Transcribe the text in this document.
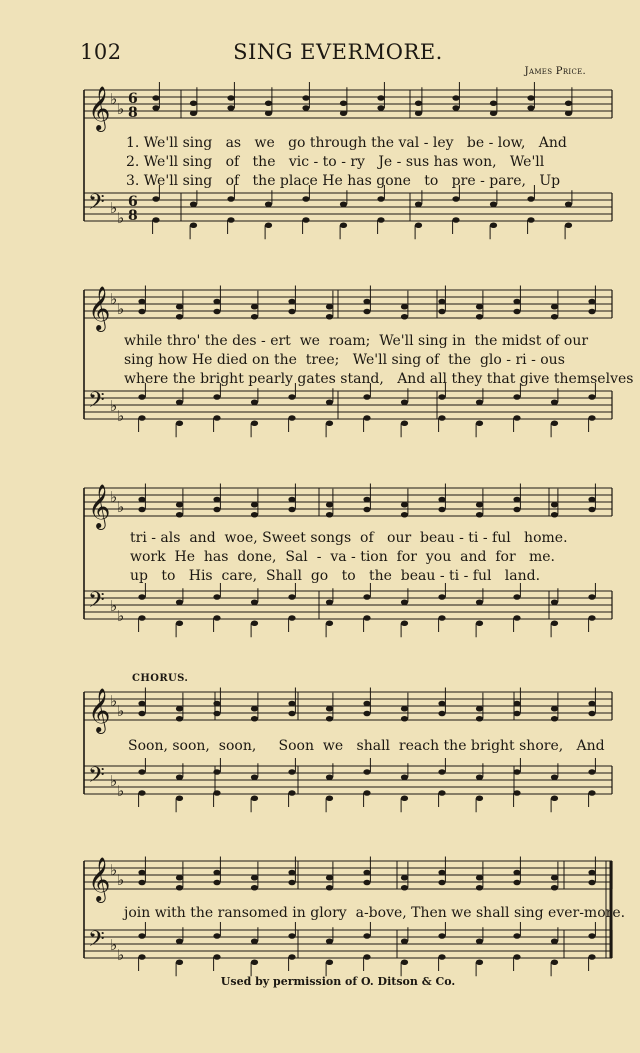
𝄞 ♭
♭
6
8
𝄢 ♭
♭
6
8
𝄞 ♭
♭
𝄢 ♭
♭
𝄞 ♭
♭
𝄢 ♭
♭
𝄞 ♭
♭
𝄢 ♭
♭
𝄞 ♭
♭
𝄢 ♭
♭
102	SING EVERMORE.
James Price.
1. We'll sing   as   we   go through the val - ley   be - low,   And
2. We'll sing   of   the   vic - to - ry   Je - sus has won,   We'll
3. We'll sing   of   the place He has gone   to   pre - pare,   Up
while thro' the des - ert  we  roam;  We'll sing in  the midst of our
sing how He died on the  tree;   We'll sing of  the  glo - ri - ous
where the bright pearly gates stand,   And all they that give themselves
tri - als  and  woe, Sweet songs  of   our  beau - ti - ful   home.
work  He  has  done,  Sal  -  va - tion  for  you  and  for   me.
up   to   His  care,  Shall  go   to   the  beau - ti - ful   land.
CHORUS.
Soon, soon,  soon,     Soon  we   shall  reach the bright shore,   And
join with the ransomed in glory  a-bove, Then we shall sing ever-more.
Used by permission of O. Ditson & Co.
